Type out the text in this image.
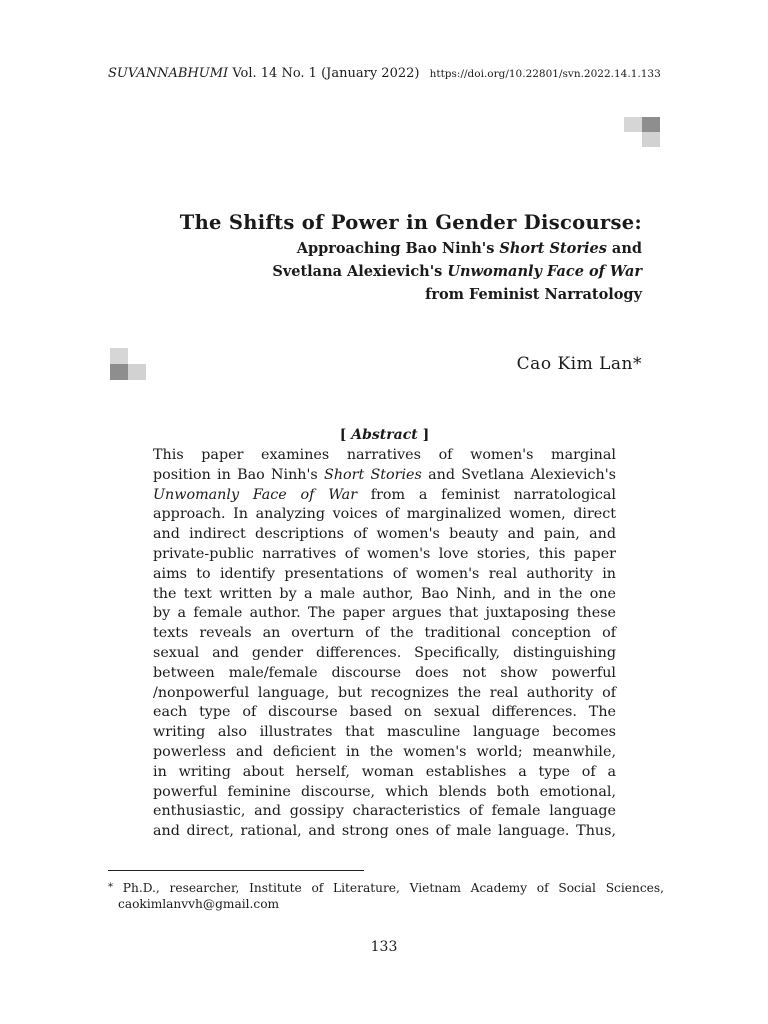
SUVANNABHUMI Vol. 14 No. 1 (January 2022) https://doi.org/10.22801/svn.2022.14.1.133
The Shifts of Power in Gender Discourse:
Approaching Bao Ninh's Short Stories and
Svetlana Alexievich's Unwomanly Face of War
from Feminist Narratology
Cao Kim Lan*
[ Abstract ]
This paper examines narratives of women's marginal
position in Bao Ninh's Short Stories and Svetlana Alexievich's
Unwomanly Face of War from a feminist narratological
approach. In analyzing voices of marginalized women, direct
and indirect descriptions of women's beauty and pain, and
private-public narratives of women's love stories, this paper
aims to identify presentations of women's real authority in
the text written by a male author, Bao Ninh, and in the one
by a female author. The paper argues that juxtaposing these
texts reveals an overturn of the traditional conception of
sexual and gender differences. Specifically, distinguishing
between male/female discourse does not show powerful
/nonpowerful language, but recognizes the real authority of
each type of discourse based on sexual differences. The
writing also illustrates that masculine language becomes
powerless and deficient in the women's world; meanwhile,
in writing about herself, woman establishes a type of a
powerful feminine discourse, which blends both emotional,
enthusiastic, and gossipy characteristics of female language
and direct, rational, and strong ones of male language. Thus,
* Ph.D., researcher, Institute of Literature, Vietnam Academy of Social Sciences,
caokimlanvvh@gmail.com
133
